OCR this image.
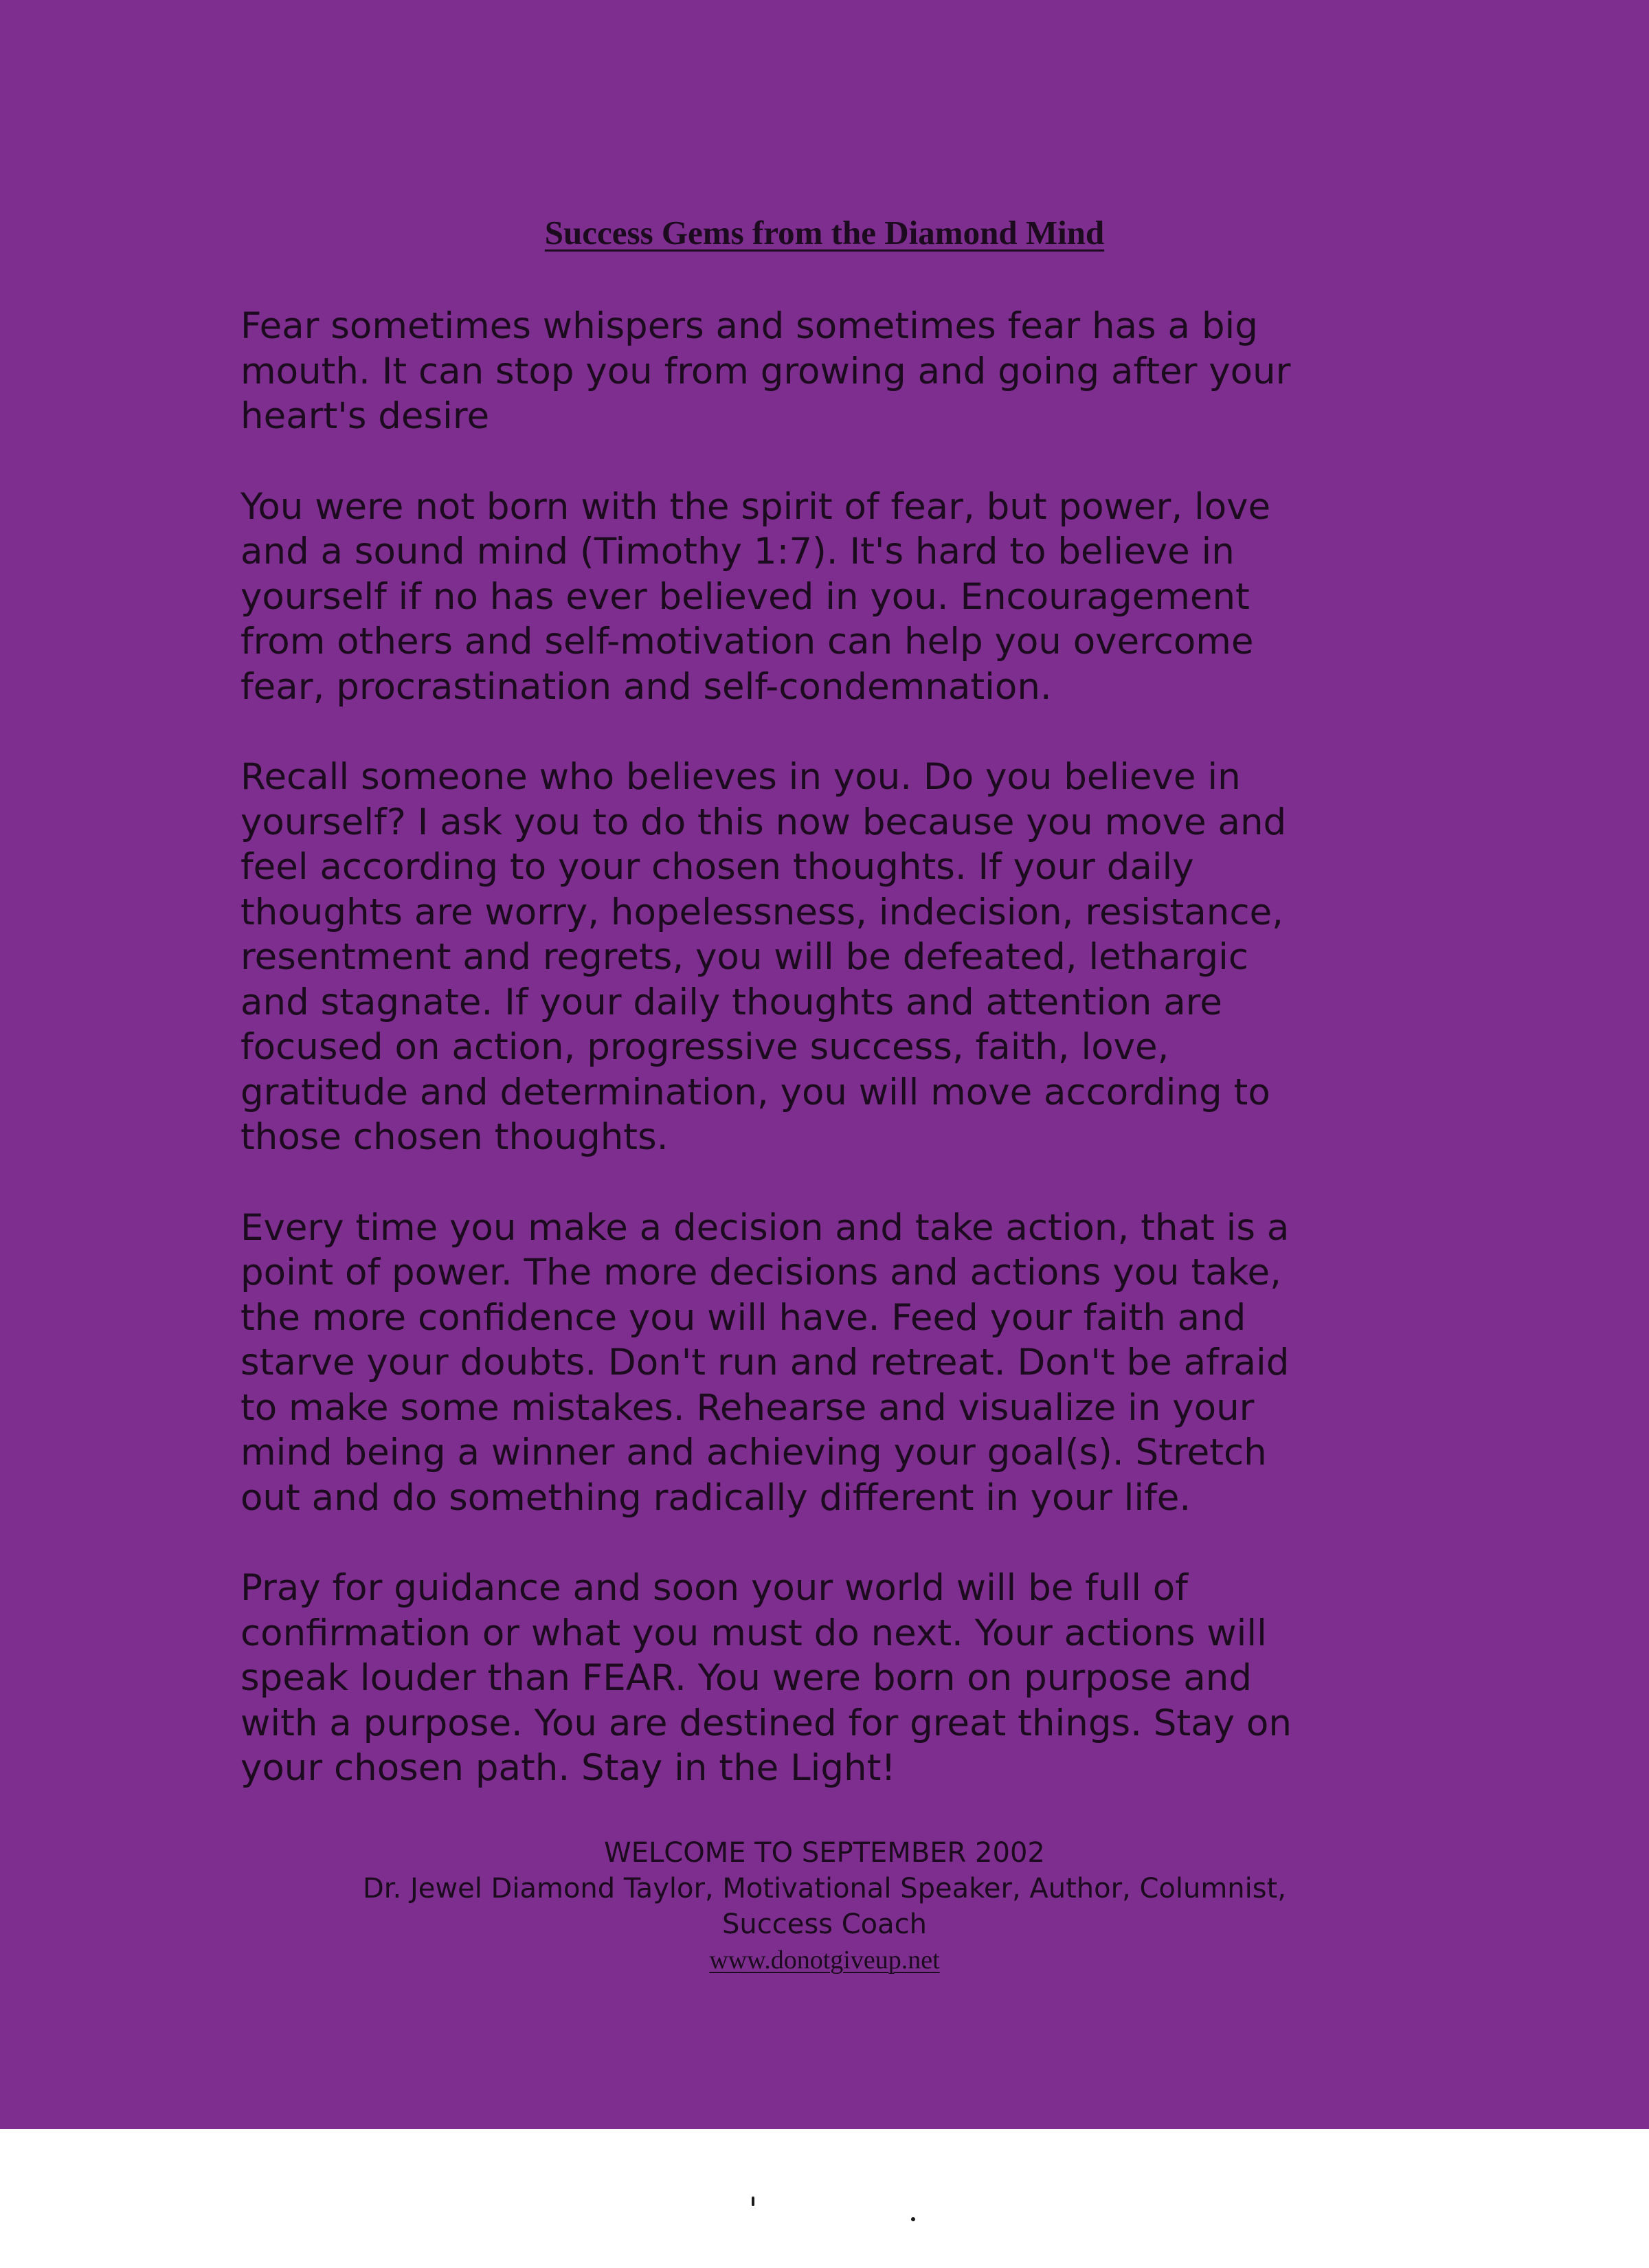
Success Gems from the Diamond Mind

Fear sometimes whispers and sometimes fear has a big
mouth. It can stop you from growing and going after your
heart's desire

You were not born with the spirit of fear, but power, love
and a sound mind (Timothy 1:7). It's hard to believe in
yourself if no has ever believed in you. Encouragement
from others and self-motivation can help you overcome
fear, procrastination and self-condemnation.

Recall someone who believes in you. Do you believe in
yourself? I ask you to do this now because you move and
feel according to your chosen thoughts. If your daily
thoughts are worry, hopelessness, indecision, resistance,
resentment and regrets, you will be defeated, lethargic
and stagnate. If your daily thoughts and attention are
focused on action, progressive success, faith, love,
gratitude and determination, you will move according to
those chosen thoughts.

Every time you make a decision and take action, that is a
point of power. The more decisions and actions you take,
the more confidence you will have. Feed your faith and
starve your doubts. Don't run and retreat. Don't be afraid
to make some mistakes. Rehearse and visualize in your
mind being a winner and achieving your goal(s). Stretch
out and do something radically different in your life.

Pray for guidance and soon your world will be full of
confirmation or what you must do next. Your actions will
speak louder than FEAR. You were born on purpose and
with a purpose. You are destined for great things. Stay on
your chosen path. Stay in the Light!

WELCOME TO SEPTEMBER 2002
Dr. Jewel Diamond Taylor, Motivational Speaker, Author, Columnist,
Success Coach
www.donotgiveup.net
